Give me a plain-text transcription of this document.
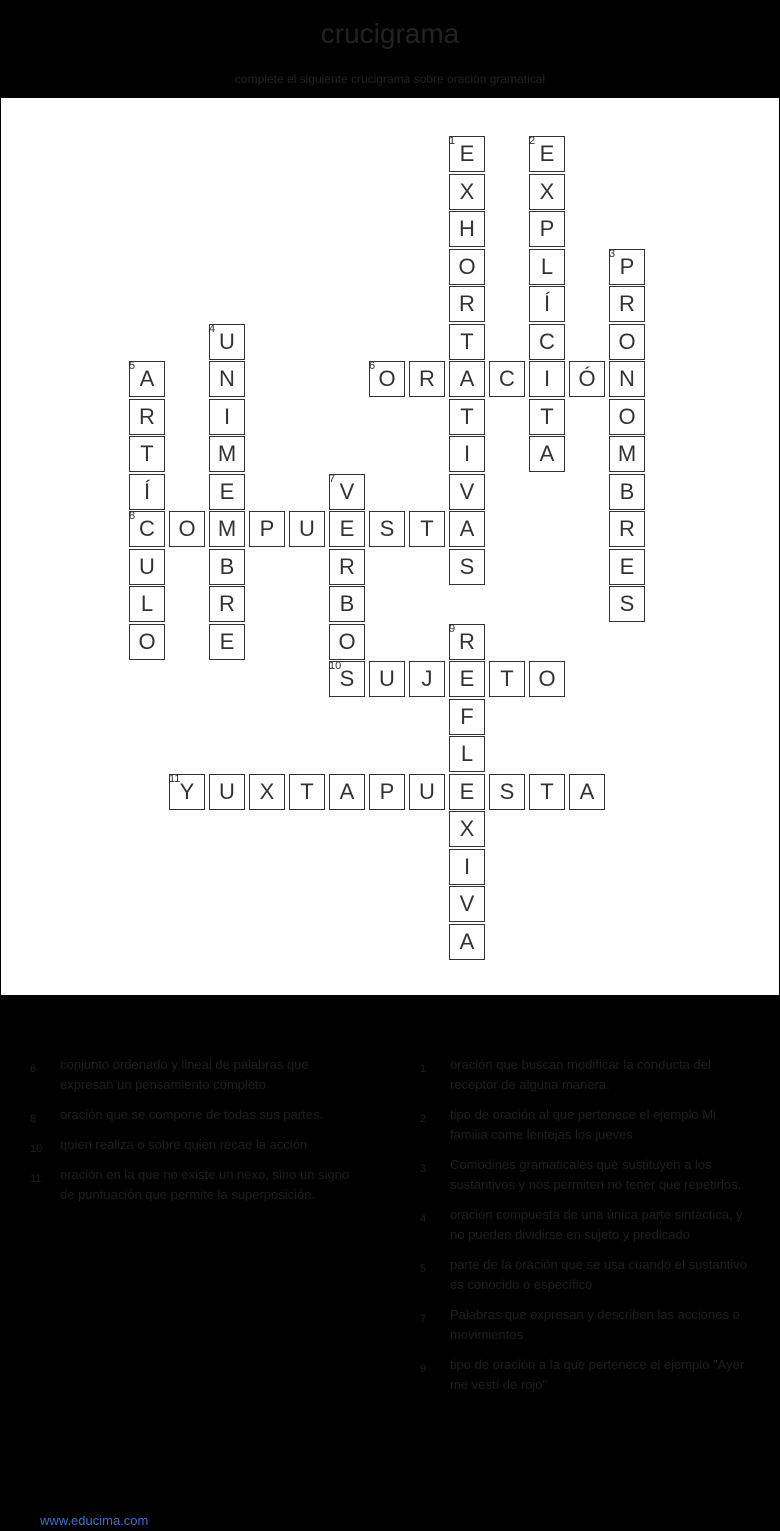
crucigrama
complete el siguiente crucigrama sobre oración gramatical
E
1
X
H
O
R
T
A
T
I
V
A
S
E
2
X
P
L
Í
C
I
T
A
P
3
R
O
N
O
M
B
R
E
S
U
4
N
I
M
E
M
B
R
E
A
5
R
T
Í
C
8
U
L
O
O
6	R	C	Ó
V
7
E
R
B
O
O	P	U	S	T
R
9
E
F
L
E
X
I
V
A
S
10	U	J	T	O
Y
11	U	X	T	A	P	U	S	T	A
6	conjunto ordenado y lineal de palabras que expresan un pensamiento completo
8	oración que se compone de todas sus partes.
10	quien realiza o sobre quien recae la acción
11	oración en la que no existe un nexo, sino un signo de puntuación que permite la superposición.
1	oración que buscan modificar la conducta del receptor de alguna manera.
2	tipo de oración al que pertenece el ejemplo Mi familia come lentejas los jueves
3	Comodines gramaticales que sustituyen a los sustantivos y nos permiten no tener que repetirlos.
4	oración compuesta de una única parte sintáctica, y no pueden dividirse en sujeto y predicado
5	parte de la oración que se usa cuando el sustantivo es conocido o específico
7	Palabras que expresan y describen las acciones o movimientos
9	tipo de oración a la que pertenece el ejemplo "Ayer me vestí de rojo"
www.educima.com
